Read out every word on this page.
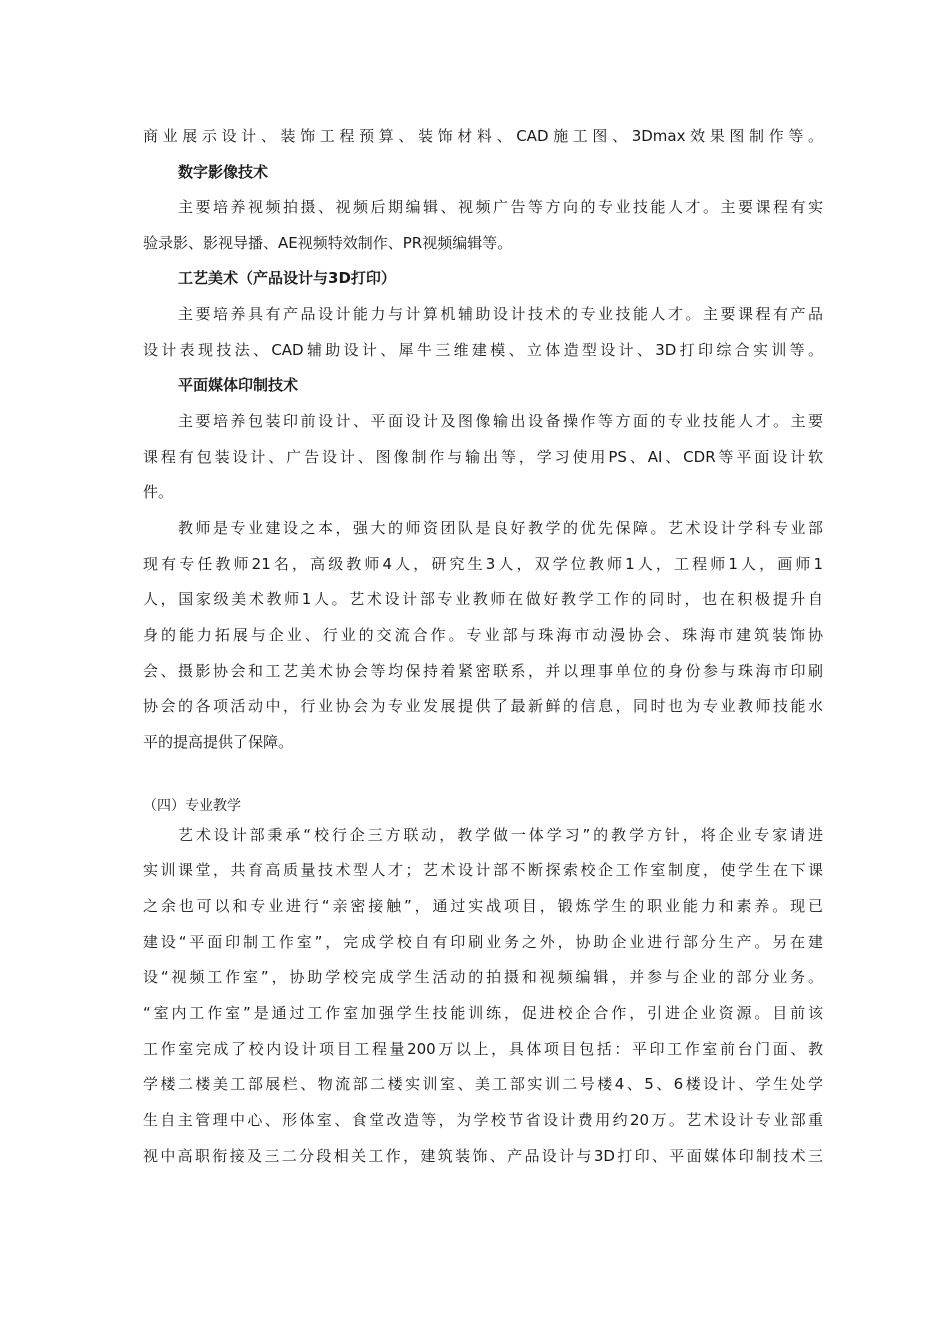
商业展示设计、装饰工程预算、装饰材料、CAD施工图、3Dmax效果图制作等。
数字影像技术
主要培养视频拍摄、视频后期编辑、视频广告等方向的专业技能人才。主要课程有实
验录影、影视导播、AE视频特效制作、PR视频编辑等。
工艺美术（产品设计与3D打印）
主要培养具有产品设计能力与计算机辅助设计技术的专业技能人才。主要课程有产品
设计表现技法、CAD辅助设计、犀牛三维建模、立体造型设计、3D打印综合实训等。
平面媒体印制技术
主要培养包装印前设计、平面设计及图像输出设备操作等方面的专业技能人才。主要
课程有包装设计、广告设计、图像制作与输出等，学习使用PS、AI、CDR等平面设计软
件。
教师是专业建设之本，强大的师资团队是良好教学的优先保障。艺术设计学科专业部
现有专任教师21名，高级教师4人，研究生3人，双学位教师1人，工程师1人，画师1
人，国家级美术教师1人。艺术设计部专业教师在做好教学工作的同时，也在积极提升自
身的能力拓展与企业、行业的交流合作。专业部与珠海市动漫协会、珠海市建筑装饰协
会、摄影协会和工艺美术协会等均保持着紧密联系，并以理事单位的身份参与珠海市印刷
协会的各项活动中，行业协会为专业发展提供了最新鲜的信息，同时也为专业教师技能水
平的提高提供了保障。
（四）专业教学
艺术设计部秉承“校行企三方联动，教学做一体学习”的教学方针，将企业专家请进
实训课堂，共育高质量技术型人才；艺术设计部不断探索校企工作室制度，使学生在下课
之余也可以和专业进行“亲密接触”，通过实战项目，锻炼学生的职业能力和素养。现已
建设“平面印制工作室”，完成学校自有印刷业务之外，协助企业进行部分生产。另在建
设“视频工作室”，协助学校完成学生活动的拍摄和视频编辑，并参与企业的部分业务。
“室内工作室”是通过工作室加强学生技能训练，促进校企合作，引进企业资源。目前该
工作室完成了校内设计项目工程量200万以上，具体项目包括：平印工作室前台门面、教
学楼二楼美工部展栏、物流部二楼实训室、美工部实训二号楼4、5、6楼设计、学生处学
生自主管理中心、形体室、食堂改造等，为学校节省设计费用约20万。艺术设计专业部重
视中高职衔接及三二分段相关工作，建筑装饰、产品设计与3D打印、平面媒体印制技术三
